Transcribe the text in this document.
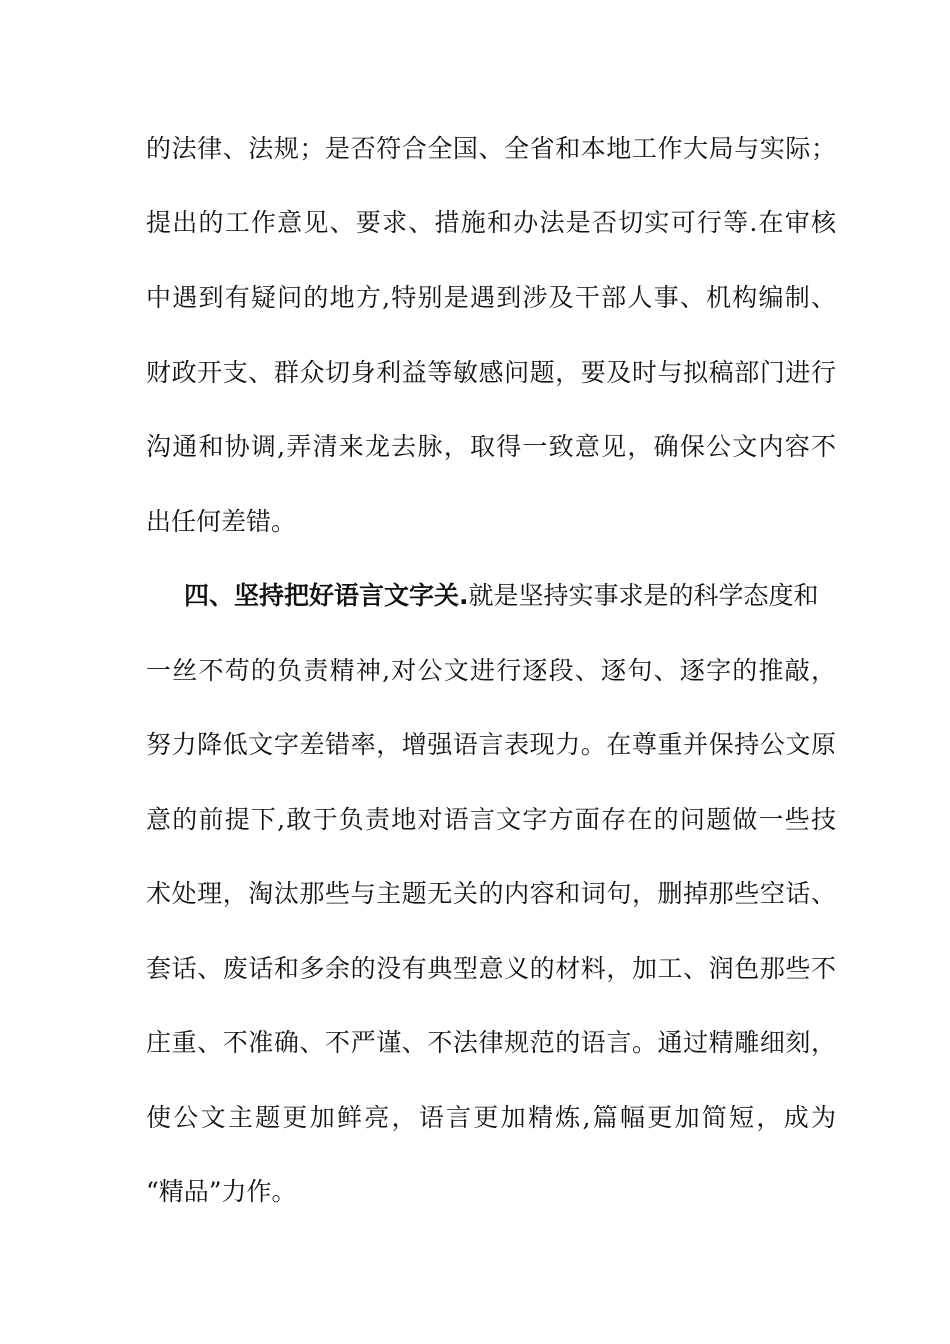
的法律、法规；是否符合全国、全省和本地工作大局与实际；
提出的工作意见、要求、措施和办法是否切实可行等.在审核
中遇到有疑问的地方,特别是遇到涉及干部人事、机构编制、
财政开支、群众切身利益等敏感问题，要及时与拟稿部门进行
沟通和协调,弄清来龙去脉，取得一致意见，确保公文内容不
出任何差错。
四、坚持把好语言文字关.就是坚持实事求是的科学态度和
一丝不苟的负责精神,对公文进行逐段、逐句、逐字的推敲，
努力降低文字差错率，增强语言表现力。在尊重并保持公文原
意的前提下,敢于负责地对语言文字方面存在的问题做一些技
术处理，淘汰那些与主题无关的内容和词句，删掉那些空话、
套话、废话和多余的没有典型意义的材料，加工、润色那些不
庄重、不准确、不严谨、不法律规范的语言。通过精雕细刻，
使公文主题更加鲜亮，语言更加精炼,篇幅更加简短，成为
“精品”力作。
